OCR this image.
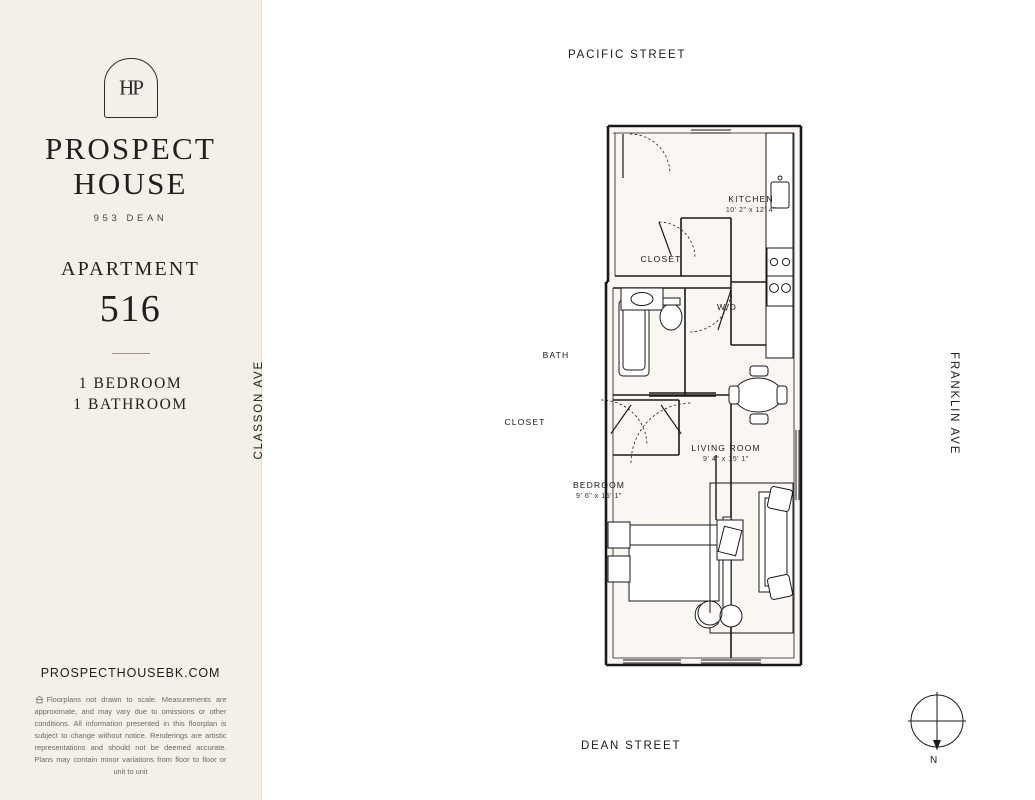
HP
PROSPECT
HOUSE
953 DEAN
APARTMENT
516
1 BEDROOM
1 BATHROOM
PROSPECTHOUSEBK.COM
Floorplans not drawn to scale. Measurements are approximate, and may vary due to omissions or other conditions. All information presented in this floorplan is subject to change without notice. Renderings are artistic representations and should not be deemed accurate. Plans may contain minor variations from floor to floor or unit to unit
PACIFIC STREET
DEAN STREET
CLASSON AVE	FRANKLIN AVE
KITCHEN
10' 2" x 12' 4"
CLOSET
W/D
BATH
CLOSET
BEDROOM
9' 6" x 15' 1"
LIVING ROOM
9' 4" x 15' 1"
N
